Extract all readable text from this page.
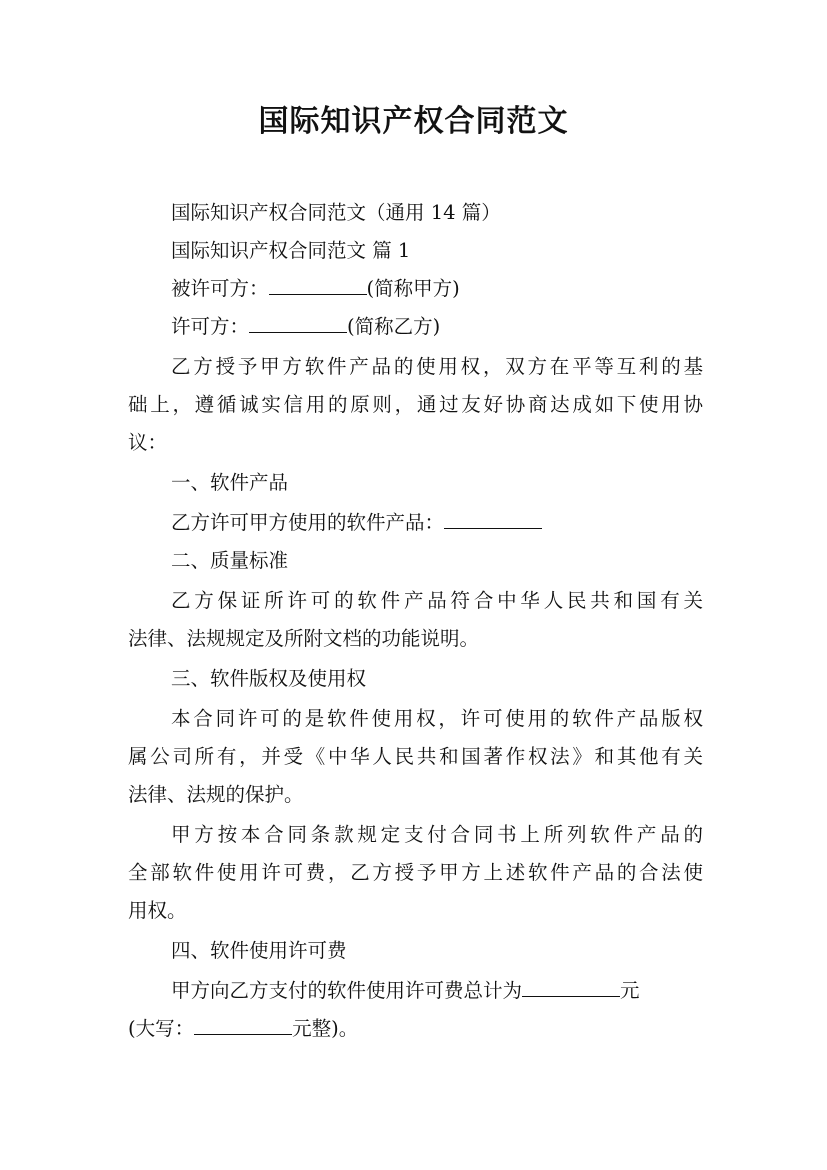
国际知识产权合同范文
国际知识产权合同范文（通用 14 篇）
国际知识产权合同范文 篇 1
被许可方：	(简称甲方)
许可方：	(简称乙方)
乙方授予甲方软件产品的使用权，双方在平等互利的基
础上，遵循诚实信用的原则，通过友好协商达成如下使用协
议：
一、软件产品
乙方许可甲方使用的软件产品：
二、质量标准
乙方保证所许可的软件产品符合中华人民共和国有关
法律、法规规定及所附文档的功能说明。
三、软件版权及使用权
本合同许可的是软件使用权，许可使用的软件产品版权
属公司所有，并受《中华人民共和国著作权法》和其他有关
法律、法规的保护。
甲方按本合同条款规定支付合同书上所列软件产品的
全部软件使用许可费，乙方授予甲方上述软件产品的合法使
用权。
四、软件使用许可费
甲方向乙方支付的软件使用许可费总计为	元
(大写：	元整)。
